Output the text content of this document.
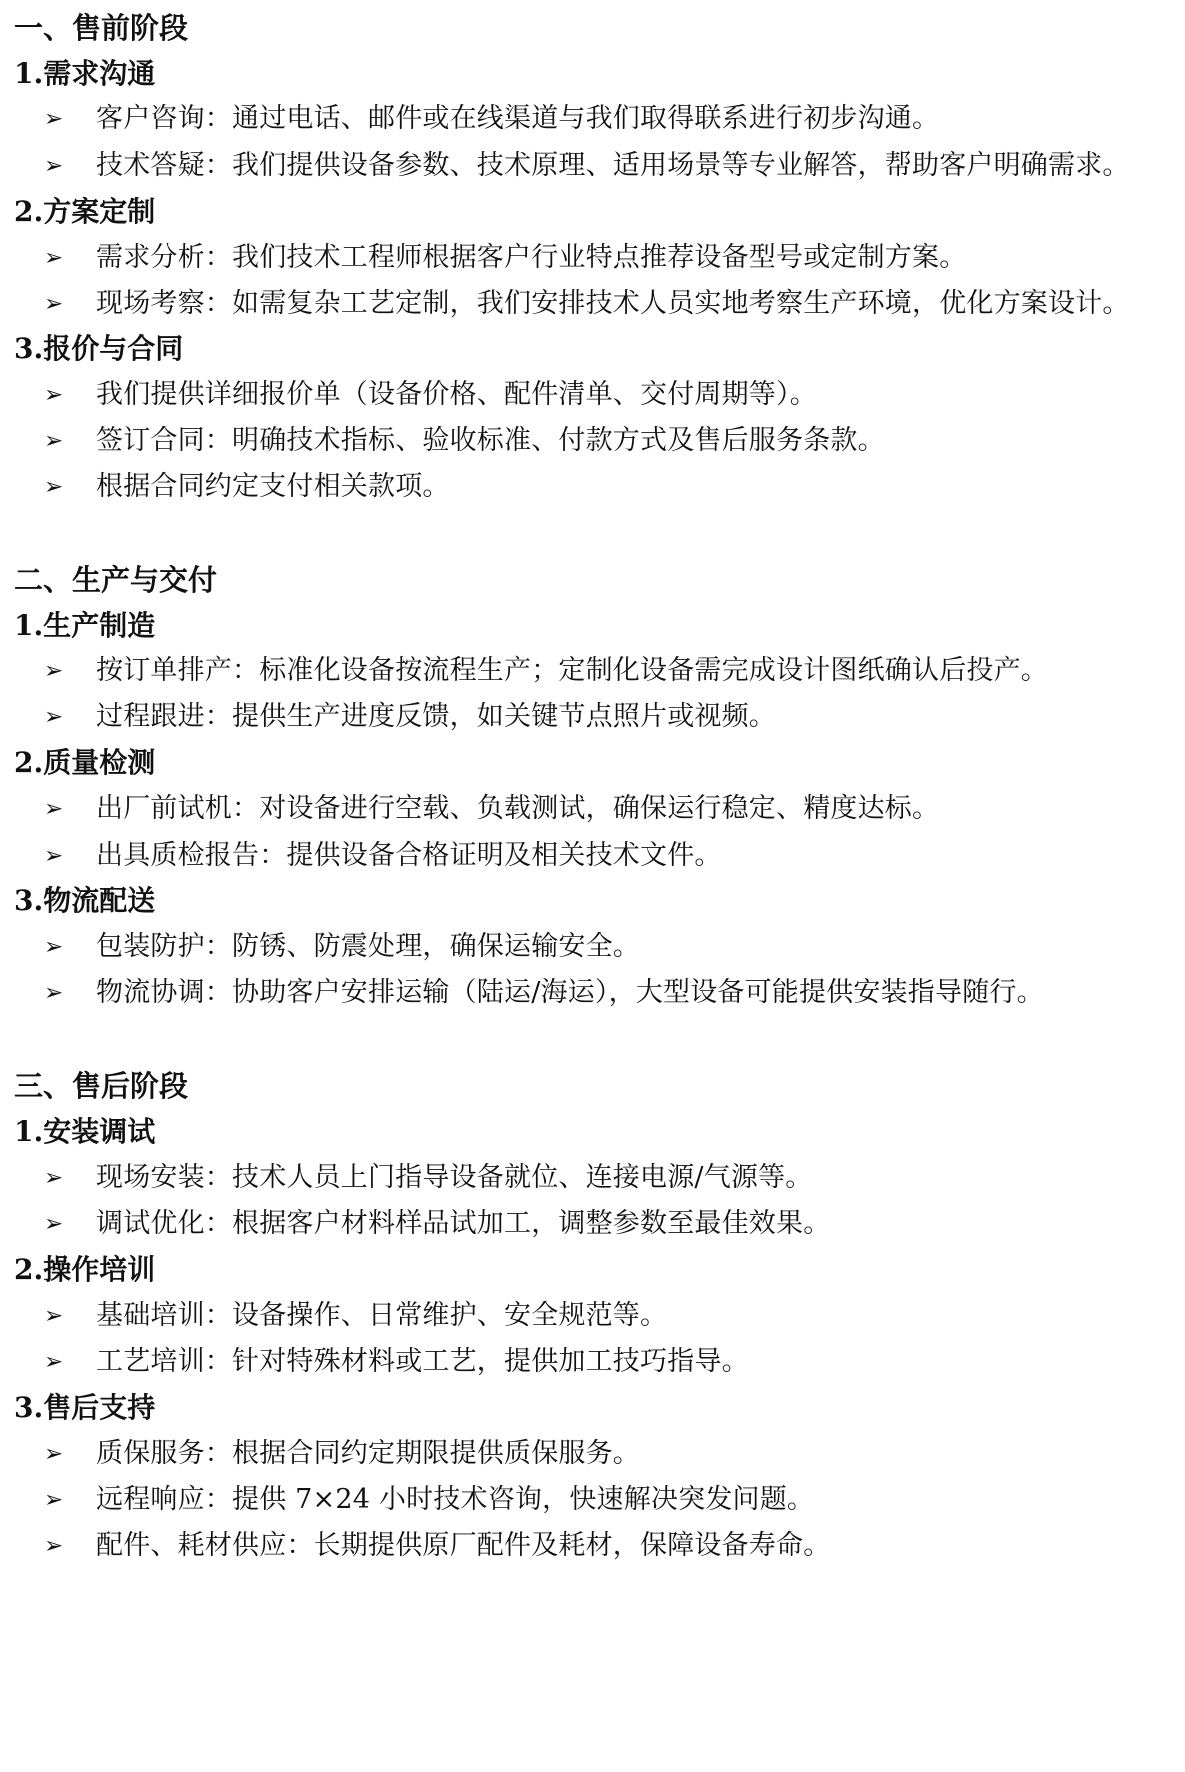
一、售前阶段
1.需求沟通
➢	客户咨询：通过电话、邮件或在线渠道与我们取得联系进行初步沟通。
➢	技术答疑：我们提供设备参数、技术原理、适用场景等专业解答，帮助客户明确需求。
2.方案定制
➢	需求分析：我们技术工程师根据客户行业特点推荐设备型号或定制方案。
➢	现场考察：如需复杂工艺定制，我们安排技术人员实地考察生产环境，优化方案设计。
3.报价与合同
➢	我们提供详细报价单（设备价格、配件清单、交付周期等）。
➢	签订合同：明确技术指标、验收标准、付款方式及售后服务条款。
➢	根据合同约定支付相关款项。
二、生产与交付
1.生产制造
➢	按订单排产：标准化设备按流程生产；定制化设备需完成设计图纸确认后投产。
➢	过程跟进：提供生产进度反馈，如关键节点照片或视频。
2.质量检测
➢	出厂前试机：对设备进行空载、负载测试，确保运行稳定、精度达标。
➢	出具质检报告：提供设备合格证明及相关技术文件。
3.物流配送
➢	包装防护：防锈、防震处理，确保运输安全。
➢	物流协调：协助客户安排运输（陆运/海运），大型设备可能提供安装指导随行。
三、售后阶段
1.安装调试
➢	现场安装：技术人员上门指导设备就位、连接电源/气源等。
➢	调试优化：根据客户材料样品试加工，调整参数至最佳效果。
2.操作培训
➢	基础培训：设备操作、日常维护、安全规范等。
➢	工艺培训：针对特殊材料或工艺，提供加工技巧指导。
3.售后支持
➢	质保服务：根据合同约定期限提供质保服务。
➢	远程响应：提供 7×24 小时技术咨询，快速解决突发问题。
➢	配件、耗材供应：长期提供原厂配件及耗材，保障设备寿命。
